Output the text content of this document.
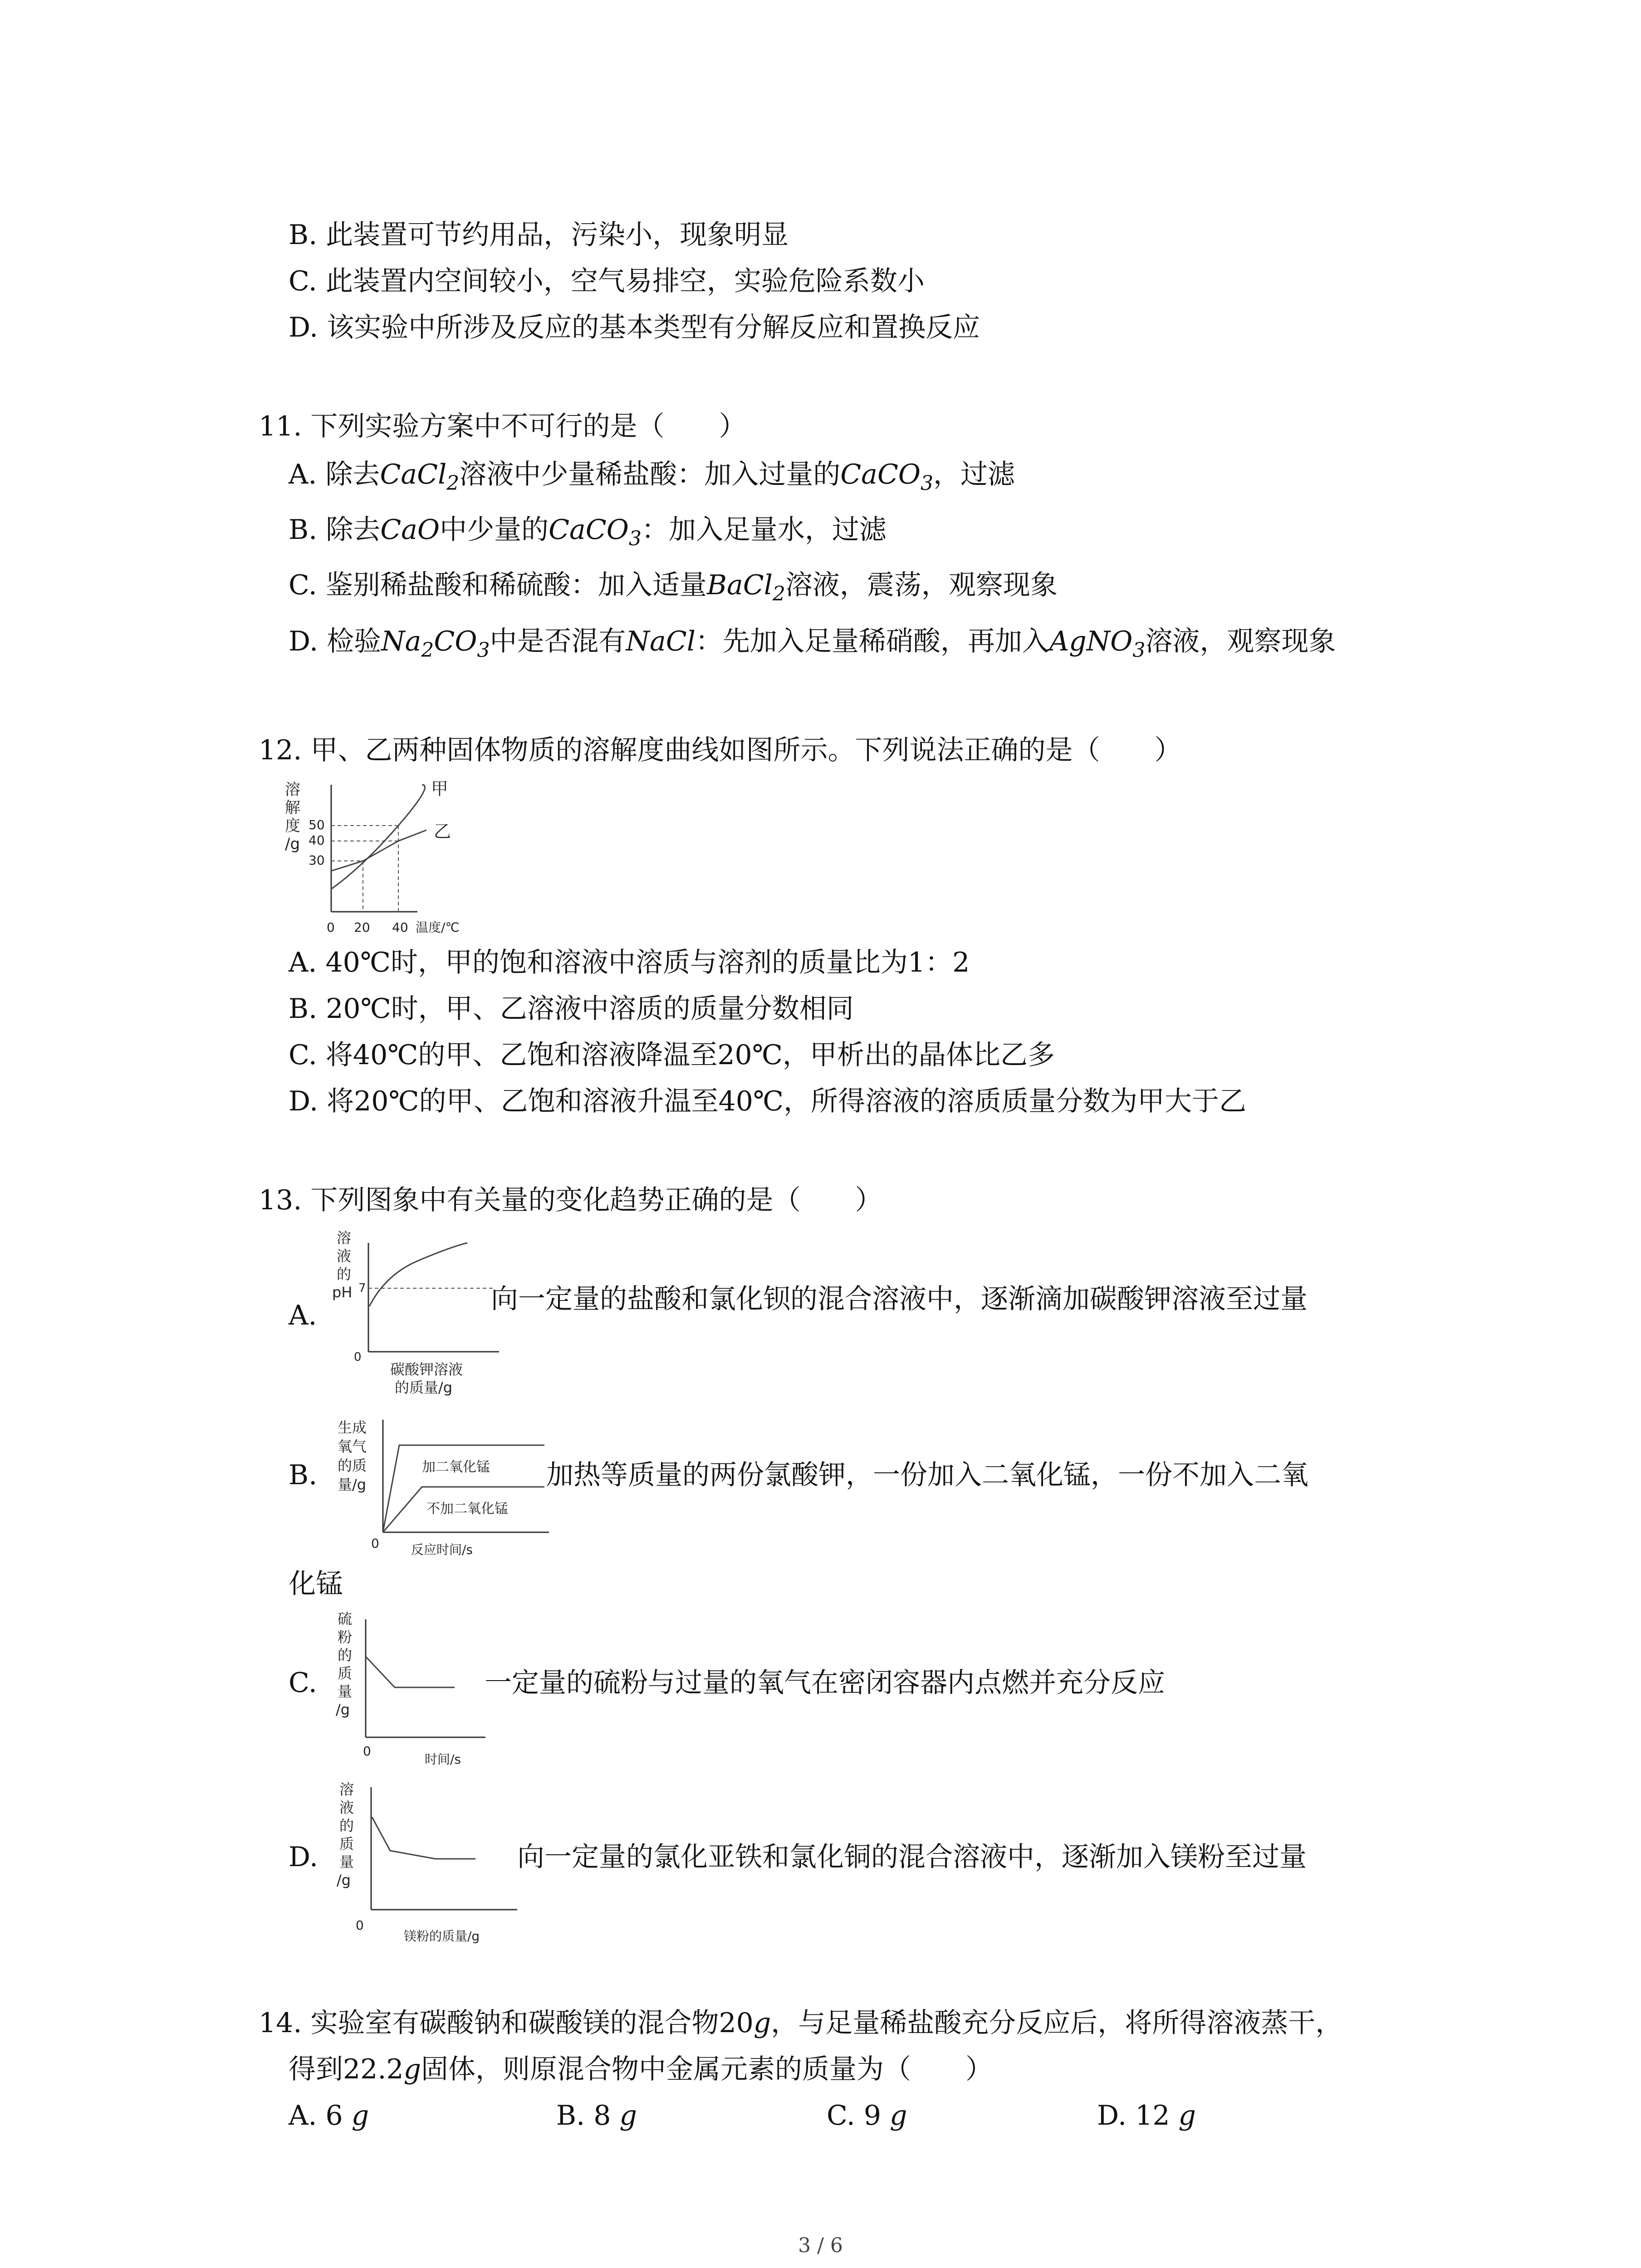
B. 此装置可节约用品，污染小，现象明显
C. 此装置内空间较小，空气易排空，实验危险系数小
D. 该实验中所涉及反应的基本类型有分解反应和置换反应
11. 下列实验方案中不可行的是（　　）
A. 除去CaCl$_2$溶液中少量稀盐酸：加入过量的CaCO$_3$，过滤
B. 除去CaO中少量的CaCO$_3$：加入足量水，过滤
C. 鉴别稀盐酸和稀硫酸：加入适量BaCl$_2$溶液，震荡，观察现象
D. 检验$Na_2CO_3$中是否混有NaCl：先加入足量稀硝酸，再加入AgNO$_3$溶液，观察现象
12. 甲、乙两种固体物质的溶解度曲线如图所示。下列说法正确的是（　　）
溶
解
度
/g
50
40
30
0 20 40 温度/℃
甲
乙
A. 40℃时，甲的饱和溶液中溶质与溶剂的质量比为1：2
B. 20℃时，甲、乙溶液中溶质的质量分数相同
C. 将40℃的甲、乙饱和溶液降温至20℃，甲析出的晶体比乙多
D. 将20℃的甲、乙饱和溶液升温至40℃，所得溶液的溶质质量分数为甲大于乙
13. 下列图象中有关量的变化趋势正确的是（　　）
A.
溶
液
的
pH 7
0
碳酸钾溶液
的质量/g
向一定量的盐酸和氯化钡的混合溶液中，逐渐滴加碳酸钾溶液至过量
B.
生成
氧气
的质
量/g
加二氧化锰
不加二氧化锰
0	反应时间/s
加热等质量的两份氯酸钾，一份加入二氧化锰，一份不加入二氧
化锰
C.
硫
粉
的
质
量
/g
0
时间/s
一定量的硫粉与过量的氧气在密闭容器内点燃并充分反应
D.
溶
液
的
质
量
/g
0
镁粉的质量/g
向一定量的氯化亚铁和氯化铜的混合溶液中，逐渐加入镁粉至过量
14. 实验室有碳酸钠和碳酸镁的混合物20g，与足量稀盐酸充分反应后，将所得溶液蒸干，
得到22.2g固体，则原混合物中金属元素的质量为（　　）
A. 6 g	B. 8 g	C. 9 g	D. 12 g
3 / 6
